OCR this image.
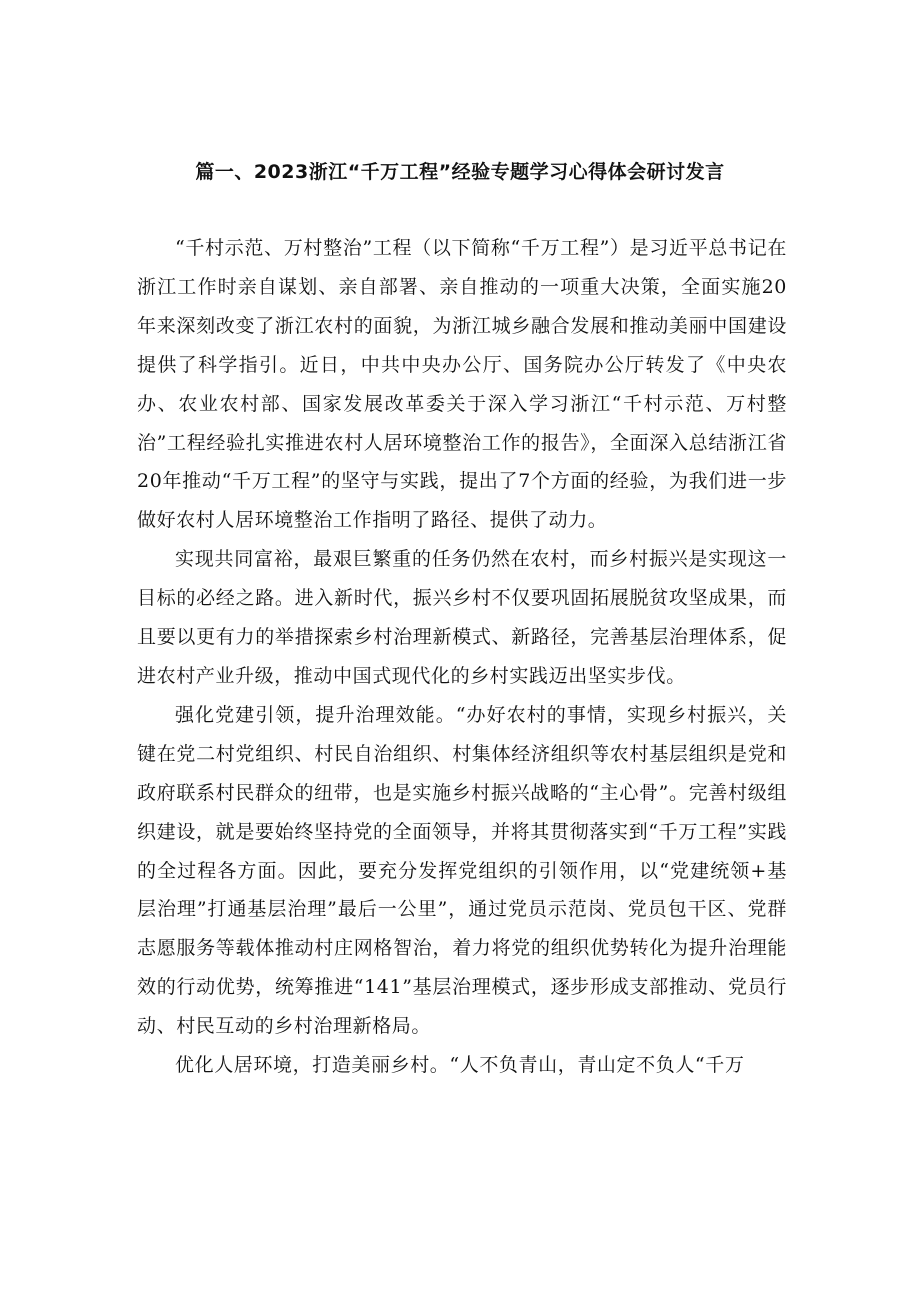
篇一、2023浙江“千万工程”经验专题学习心得体会研讨发言

“千村示范、万村整治”工程（以下简称“千万工程”）是习近平总书记在浙江工作时亲自谋划、亲自部署、亲自推动的一项重大决策，全面实施20年来深刻改变了浙江农村的面貌，为浙江城乡融合发展和推动美丽中国建设提供了科学指引。近日，中共中央办公厅、国务院办公厅转发了《中央农办、农业农村部、国家发展改革委关于深入学习浙江“千村示范、万村整治”工程经验扎实推进农村人居环境整治工作的报告》，全面深入总结浙江省20年推动“千万工程”的坚守与实践，提出了7个方面的经验，为我们进一步做好农村人居环境整治工作指明了路径、提供了动力。

实现共同富裕，最艰巨繁重的任务仍然在农村，而乡村振兴是实现这一目标的必经之路。进入新时代，振兴乡村不仅要巩固拓展脱贫攻坚成果，而且要以更有力的举措探索乡村治理新模式、新路径，完善基层治理体系，促进农村产业升级，推动中国式现代化的乡村实践迈出坚实步伐。

强化党建引领，提升治理效能。“办好农村的事情，实现乡村振兴，关键在党二村党组织、村民自治组织、村集体经济组织等农村基层组织是党和政府联系村民群众的纽带，也是实施乡村振兴战略的“主心骨”。完善村级组织建设，就是要始终坚持党的全面领导，并将其贯彻落实到“千万工程”实践的全过程各方面。因此，要充分发挥党组织的引领作用，以“党建统领+基层治理”打通基层治理”最后一公里”，通过党员示范岗、党员包干区、党群志愿服务等载体推动村庄网格智治，着力将党的组织优势转化为提升治理能效的行动优势，统筹推进“141”基层治理模式，逐步形成支部推动、党员行动、村民互动的乡村治理新格局。

优化人居环境，打造美丽乡村。“人不负青山，青山定不负人“千万
